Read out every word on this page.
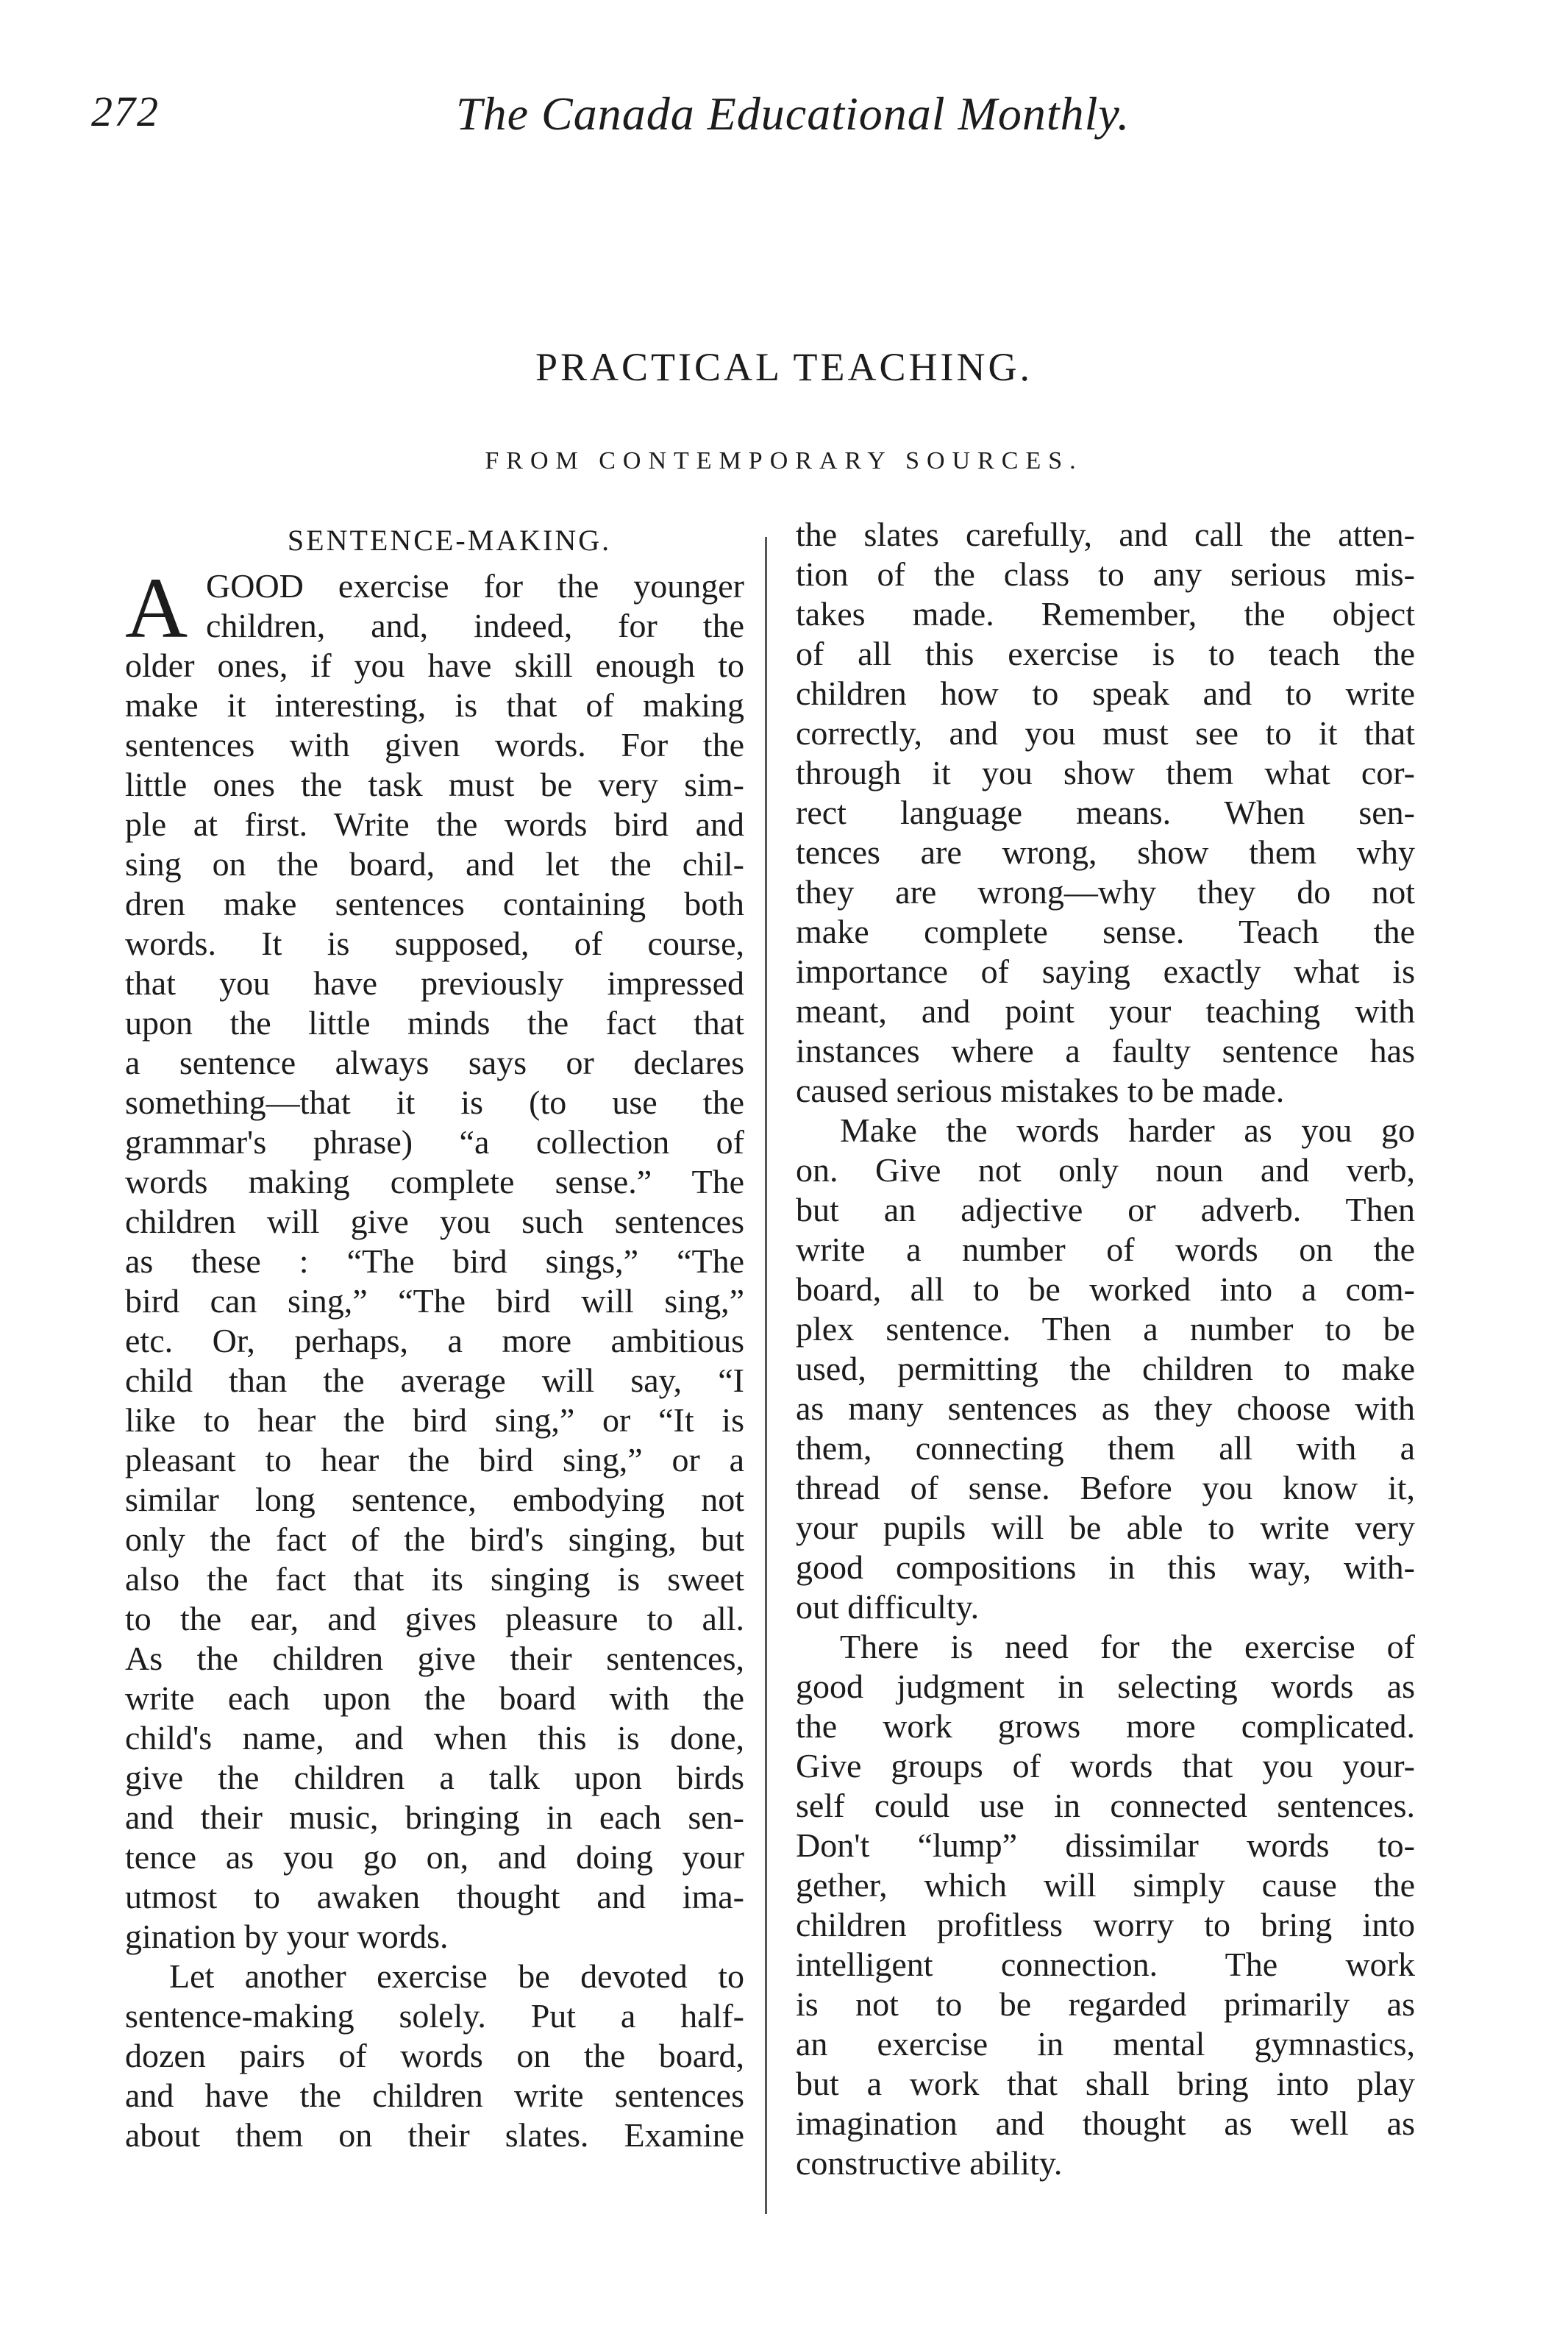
272	The Canada Educational Monthly.
PRACTICAL TEACHING.
FROM CONTEMPORARY SOURCES.
SENTENCE-MAKING.
A GOOD exercise for the younger
children, and, indeed, for the
older ones, if you have skill enough to
make it interesting, is that of making
sentences with given words. For the
little ones the task must be very sim-
ple at first. Write the words bird and
sing on the board, and let the chil-
dren make sentences containing both
words. It is supposed, of course,
that you have previously impressed
upon the little minds the fact that
a sentence always says or declares
something—that it is (to use the
grammar's phrase) “a collection of
words making complete sense.” The
children will give you such sentences
as these : “The bird sings,” “The
bird can sing,” “The bird will sing,”
etc. Or, perhaps, a more ambitious
child than the average will say, “I
like to hear the bird sing,” or “It is
pleasant to hear the bird sing,” or a
similar long sentence, embodying not
only the fact of the bird's singing, but
also the fact that its singing is sweet
to the ear, and gives pleasure to all.
As the children give their sentences,
write each upon the board with the
child's name, and when this is done,
give the children a talk upon birds
and their music, bringing in each sen-
tence as you go on, and doing your
utmost to awaken thought and ima-
gination by your words.
Let another exercise be devoted to
sentence-making solely. Put a half-
dozen pairs of words on the board,
and have the children write sentences
about them on their slates. Examine
the slates carefully, and call the atten-
tion of the class to any serious mis-
takes made. Remember, the object
of all this exercise is to teach the
children how to speak and to write
correctly, and you must see to it that
through it you show them what cor-
rect language means. When sen-
tences are wrong, show them why
they are wrong—why they do not
make complete sense. Teach the
importance of saying exactly what is
meant, and point your teaching with
instances where a faulty sentence has
caused serious mistakes to be made.
Make the words harder as you go
on. Give not only noun and verb,
but an adjective or adverb. Then
write a number of words on the
board, all to be worked into a com-
plex sentence. Then a number to be
used, permitting the children to make
as many sentences as they choose with
them, connecting them all with a
thread of sense. Before you know it,
your pupils will be able to write very
good compositions in this way, with-
out difficulty.
There is need for the exercise of
good judgment in selecting words as
the work grows more complicated.
Give groups of words that you your-
self could use in connected sentences.
Don't “lump” dissimilar words to-
gether, which will simply cause the
children profitless worry to bring into
intelligent connection. The work
is not to be regarded primarily as
an exercise in mental gymnastics,
but a work that shall bring into play
imagination and thought as well as
constructive ability.
